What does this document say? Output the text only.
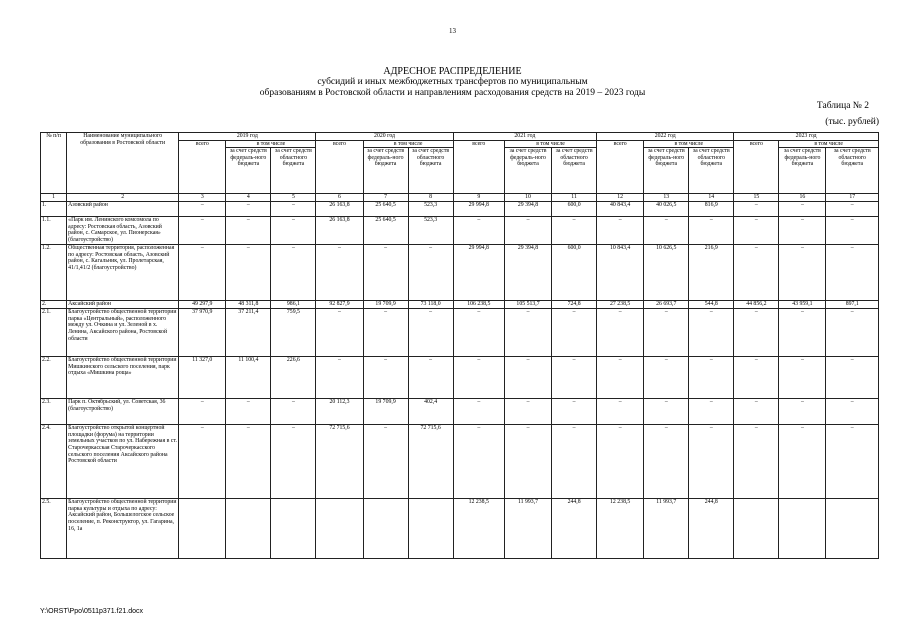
13
АДРЕСНОЕ РАСПРЕДЕЛЕНИЕ
субсидий и иных межбюджетных трансфертов по муниципальным
образованиям в Ростовской области и направлениям расходования средств на 2019 – 2023 годы
Таблица № 2
(тыс. рублей)
№ п/п	Наименование муниципального образования в Ростовской области	2019 год			2020 год			2021 год			2022 год			2023 год		
		всего	в том числе		всего	в том числе		всего	в том числе		всего	в том числе		всего	в том числе	
			за счет средств федераль-ного бюджета	за счет средств областного бюджета		за счет средств федераль-ного бюджета	за счет средств областного бюджета		за счет средств федераль-ного бюджета	за счет средств областного бюджета		за счет средств федераль-ного бюджета	за счет средств областного бюджета		за счет средств федераль-ного бюджета	за счет средств областного бюджета
1	2	3	4	5	6	7	8	9	10	11	12	13	14	15	16	17
1.	Азовский район	–	–	–	26 163,8	25 640,5	523,3	29 994,8	29 394,8	600,0	40 843,4	40 026,5	816,9	–	–	–
1.1.	«Парк им. Ленинского комсомола по адресу: Ростовская область, Азовский район, с. Самарское, ул. Пионерская» (благоустройство)	–	–	–	26 163,8	25 640,5	523,3	–	–	–	–	–	–	–	–	–
1.2.	Общественная территория, расположенная по адресу: Ростовская область, Азовский район, с. Кагальник, ул. Пролетарская, 41/1,41/2 (благоустройство)	–	–	–	–	–	–	29 994,8	29 394,8	600,0	10 843,4	10 626,5	216,9	–	–	–
2.	Аксайский район	49 297,9	48 311,8	986,1	92 827,9	19 709,9	73 118,0	106 238,5	105 513,7	724,8	27 238,5	26 693,7	544,8	44 856,2	43 959,1	897,1
2.1.	Благоустройство общественной территории парка «Центральный», расположенного между ул. Очкина и ул. Зеленой в х. Ленина, Аксайского района, Ростовской области	37 970,9	37 211,4	759,5	–	–	–	–	–	–	–	–	–	–	–	–
2.2.	Благоустройство общественной территории Мишкинского сельского поселения, парк отдыха «Мишкина роща»	11 327,0	11 100,4	226,6	–	–	–	–	–	–	–	–	–	–	–	–
2.3.	Парк п. Октябрьский, ул. Советская, 36 (благоустройство)	–	–	–	20 112,3	19 709,9	402,4	–	–	–	–	–	–	–	–	–
2.4.	Благоустройство открытой концертной площадки (форума) на территории земельных участков по ул. Набережная в ст. Старочеркасская Старочеркасского сельского поселения Аксайского района Ростовской области	–	–	–	72 715,6	–	72 715,6	–	–	–	–	–	–	–	–	–
2.5.	Благоустройство общественной территории парка культуры и отдыха по адресу: Аксайский район, Большелогское сельское поселение, п. Реконструктор, ул. Гагарина, 16, 1а							12 238,5	11 993,7	244,8	12 238,5	11 993,7	244,8			
Y:\ORST\Ppo\0511p371.f21.docx
